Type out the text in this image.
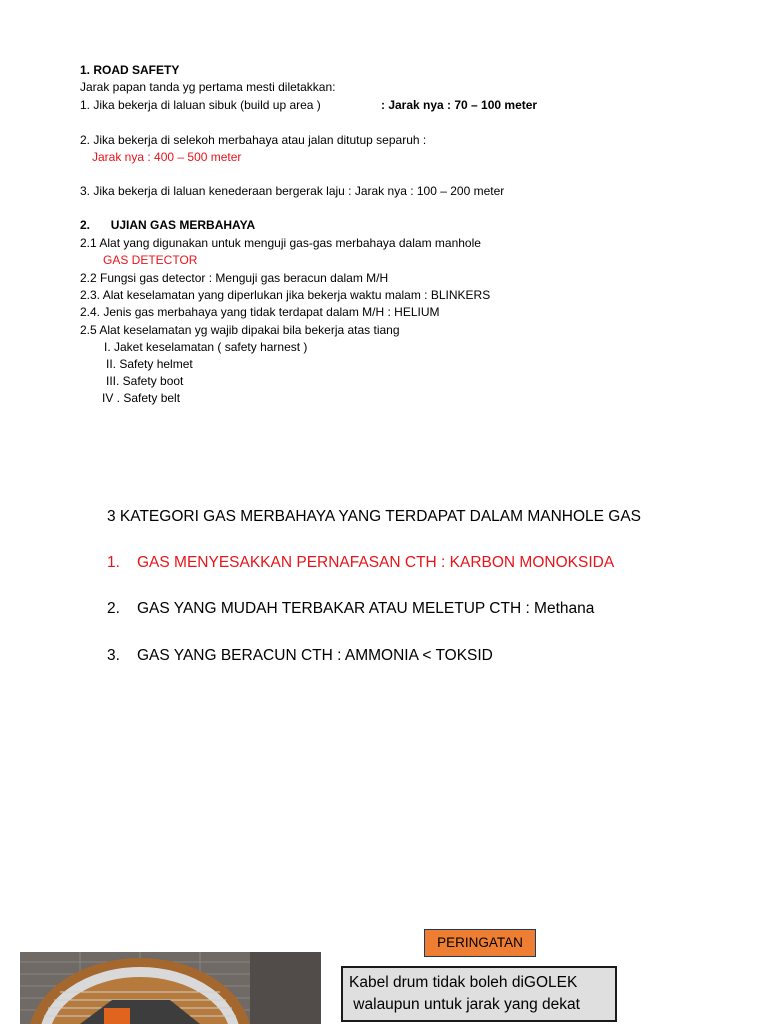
1. ROAD SAFETY
Jarak papan tanda yg pertama mesti diletakkan:
1. Jika bekerja di laluan sibuk (build up area )	: Jarak nya : 70 – 100 meter
2. Jika bekerja di selekoh merbahaya atau jalan ditutup separuh :
Jarak nya : 400 – 500 meter
3. Jika bekerja di laluan kenederaan bergerak laju : Jarak nya : 100 – 200 meter
2. UJIAN GAS MERBAHAYA
2.1 Alat yang digunakan untuk menguji gas-gas merbahaya dalam manhole
GAS DETECTOR
2.2 Fungsi gas detector : Menguji gas beracun dalam M/H
2.3. Alat keselamatan yang diperlukan jika bekerja waktu malam : BLINKERS
2.4. Jenis gas merbahaya yang tidak terdapat dalam M/H : HELIUM
2.5 Alat keselamatan yg wajib dipakai bila bekerja atas tiang
I. Jaket keselamatan ( safety harnest )
II. Safety helmet
III. Safety boot
IV . Safety belt
3 KATEGORI GAS MERBAHAYA YANG TERDAPAT DALAM MANHOLE GAS
1. GAS MENYESAKKAN PERNAFASAN CTH : KARBON MONOKSIDA
2. GAS YANG MUDAH TERBAKAR ATAU MELETUP CTH : Methana
3. GAS YANG BERACUN CTH : AMMONIA < TOKSID
PERINGATAN
Kabel drum tidak boleh diGOLEK
walaupun untuk jarak yang dekat
